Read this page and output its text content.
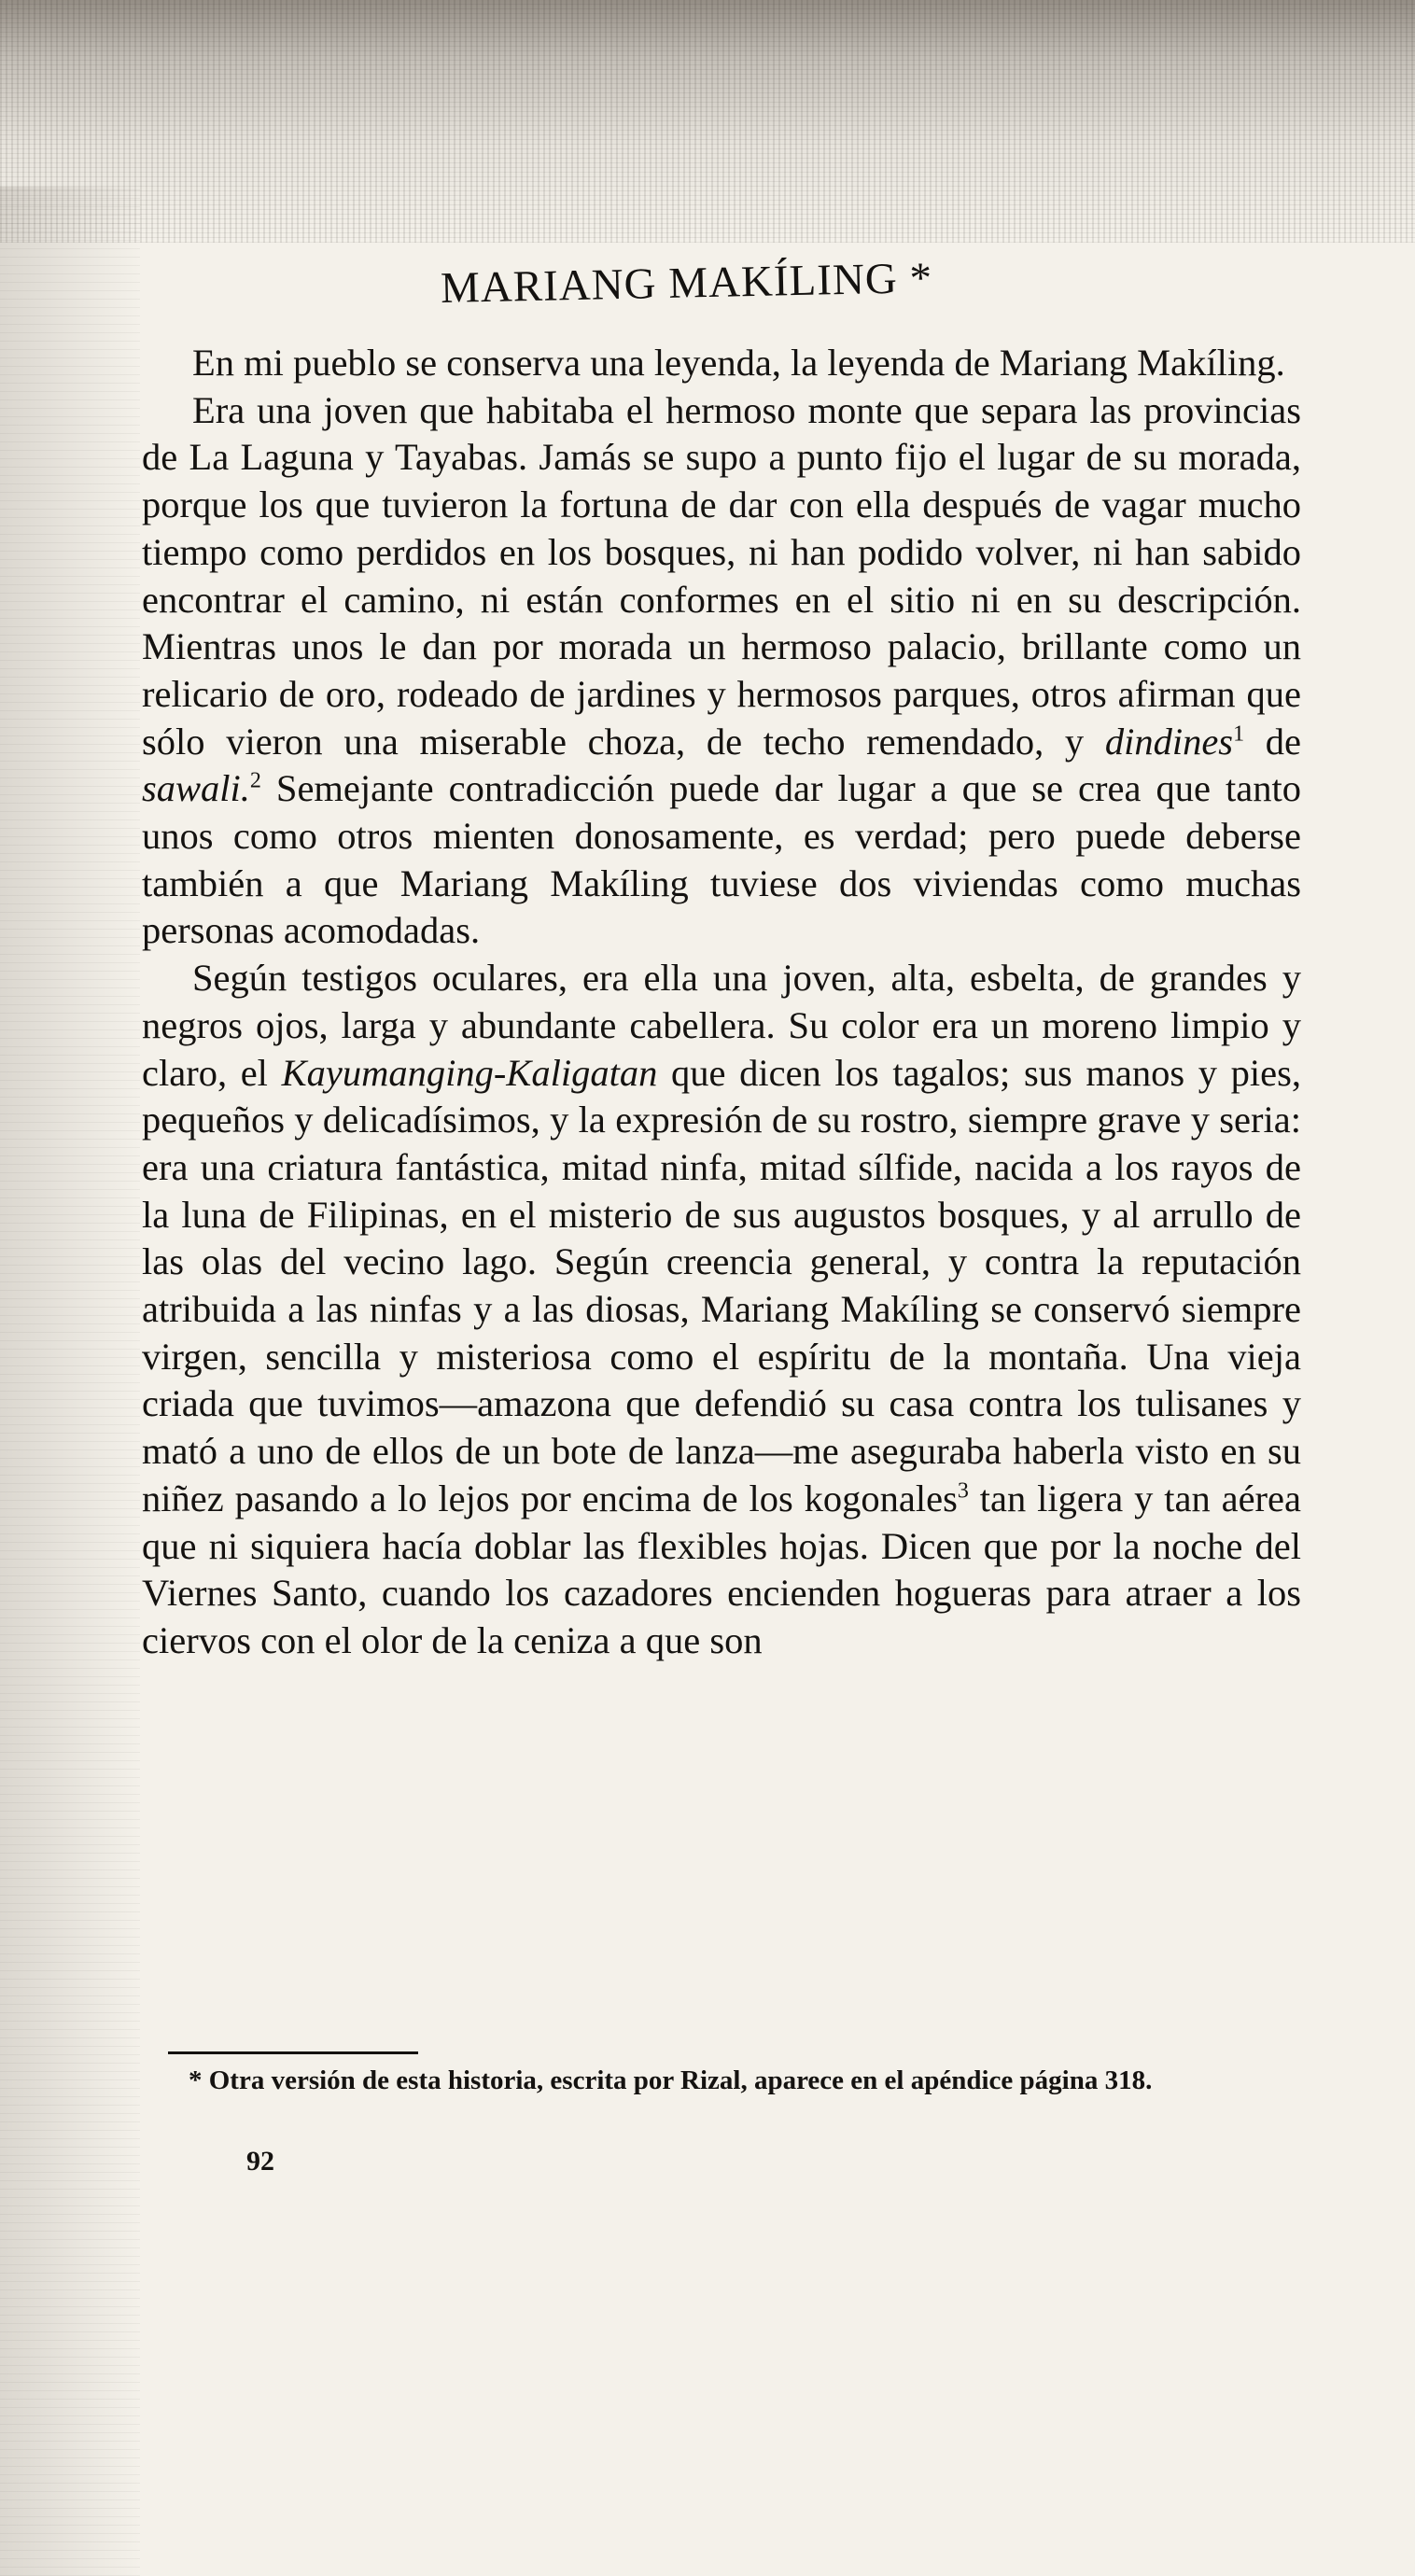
MARIANG MAKÍLING *

En mi pueblo se conserva una leyenda, la leyenda de Mariang Makíling.

Era una joven que habitaba el hermoso monte que separa las provincias de La Laguna y Tayabas. Jamás se supo a punto fijo el lugar de su morada, porque los que tuvieron la fortuna de dar con ella después de vagar mucho tiempo como perdidos en los bosques, ni han podido volver, ni han sabido encontrar el camino, ni están conformes en el sitio ni en su descripción. Mientras unos le dan por morada un hermoso palacio, brillante como un relicario de oro, rodeado de jardines y hermosos parques, otros afirman que sólo vieron una miserable choza, de techo remendado, y dindines$^1$ de sawali.$^2$ Semejante contradicción puede dar lugar a que se crea que tanto unos como otros mienten donosamente, es verdad; pero puede deberse también a que Mariang Makíling tuviese dos viviendas como muchas personas acomodadas.

Según testigos oculares, era ella una joven, alta, esbelta, de grandes y negros ojos, larga y abundante cabellera. Su color era un moreno limpio y claro, el Kayumanging-Kaligatan que dicen los tagalos; sus manos y pies, pequeños y delicadísimos, y la expresión de su rostro, siempre grave y seria: era una criatura fantástica, mitad ninfa, mitad sílfide, nacida a los rayos de la luna de Filipinas, en el misterio de sus augustos bosques, y al arrullo de las olas del vecino lago. Según creencia general, y contra la reputación atribuida a las ninfas y a las diosas, Mariang Makíling se conservó siempre virgen, sencilla y misteriosa como el espíritu de la montaña. Una vieja criada que tuvimos—amazona que defendió su casa contra los tulisanes y mató a uno de ellos de un bote de lanza—me aseguraba haberla visto en su niñez pasando a lo lejos por encima de los kogonales$^3$ tan ligera y tan aérea que ni siquiera hacía doblar las flexibles hojas. Dicen que por la noche del Viernes Santo, cuando los cazadores encienden hogueras para atraer a los ciervos con el olor de la ceniza a que son

* Otra versión de esta historia, escrita por Rizal, aparece en el apéndice página 318.

92
